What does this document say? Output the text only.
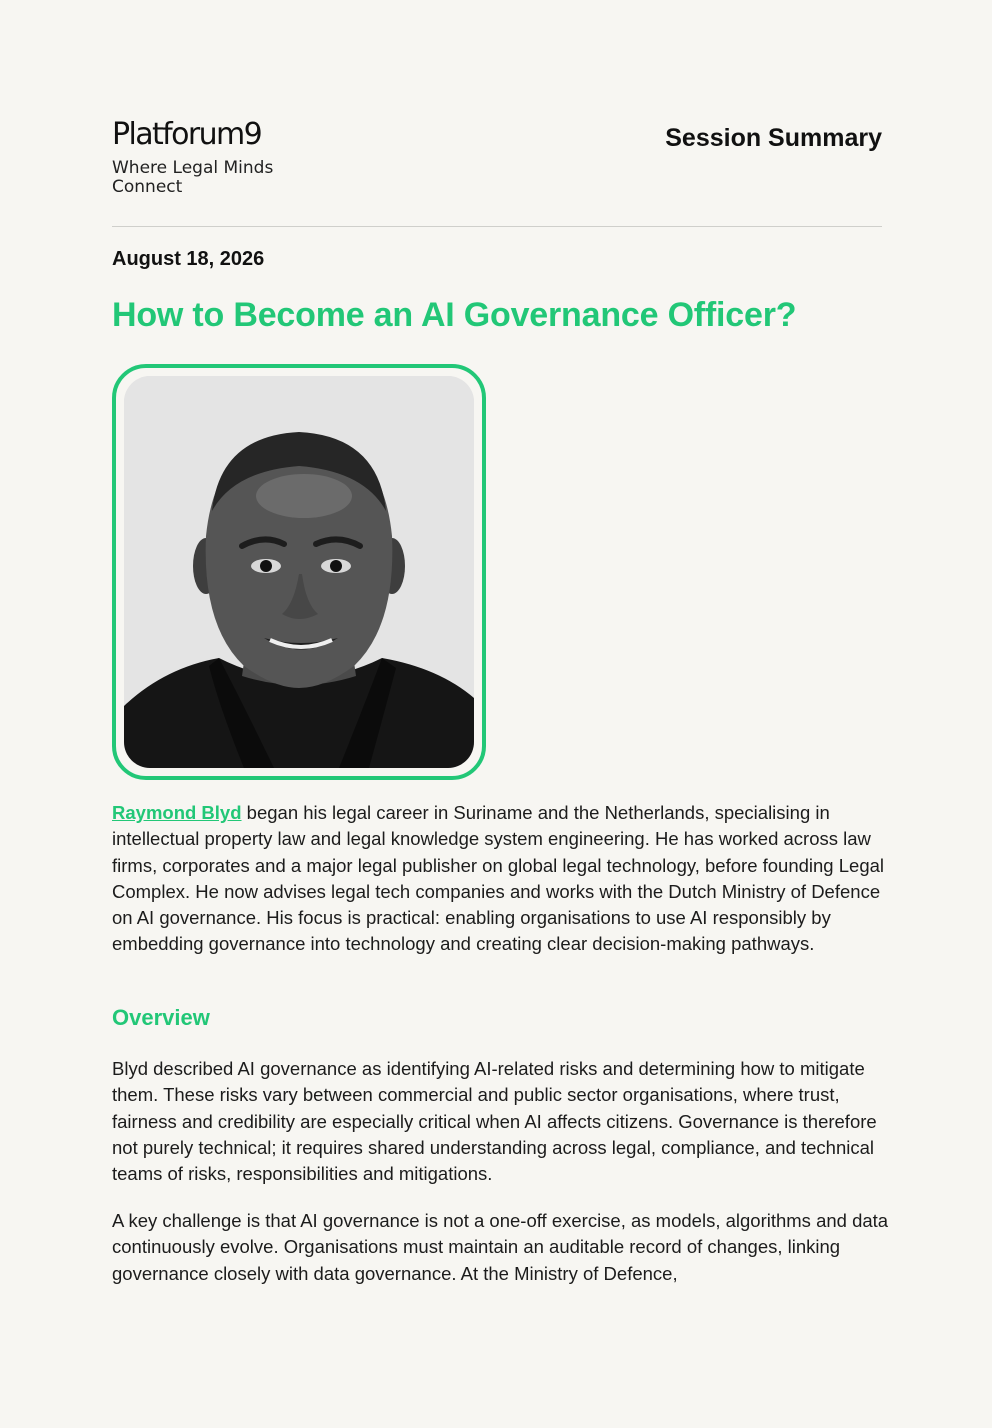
Platforum9
Where Legal Minds Connect
Session Summary
August 18, 2026
How to Become an AI Governance Officer?

Raymond Blyd began his legal career in Suriname and the Netherlands, specialising in intellectual property law and legal knowledge system engineering. He has worked across law firms, corporates and a major legal publisher on global legal technology, before founding Legal Complex. He now advises legal tech companies and works with the Dutch Ministry of Defence on AI governance. His focus is practical: enabling organisations to use AI responsibly by embedding governance into technology and creating clear decision-making pathways.

Overview

Blyd described AI governance as identifying AI-related risks and determining how to mitigate them. These risks vary between commercial and public sector organisations, where trust, fairness and credibility are especially critical when AI affects citizens. Governance is therefore not purely technical; it requires shared understanding across legal, compliance, and technical teams of risks, responsibilities and mitigations.

A key challenge is that AI governance is not a one-off exercise, as models, algorithms and data continuously evolve. Organisations must maintain an auditable record of changes, linking governance closely with data governance. At the Ministry of Defence,
